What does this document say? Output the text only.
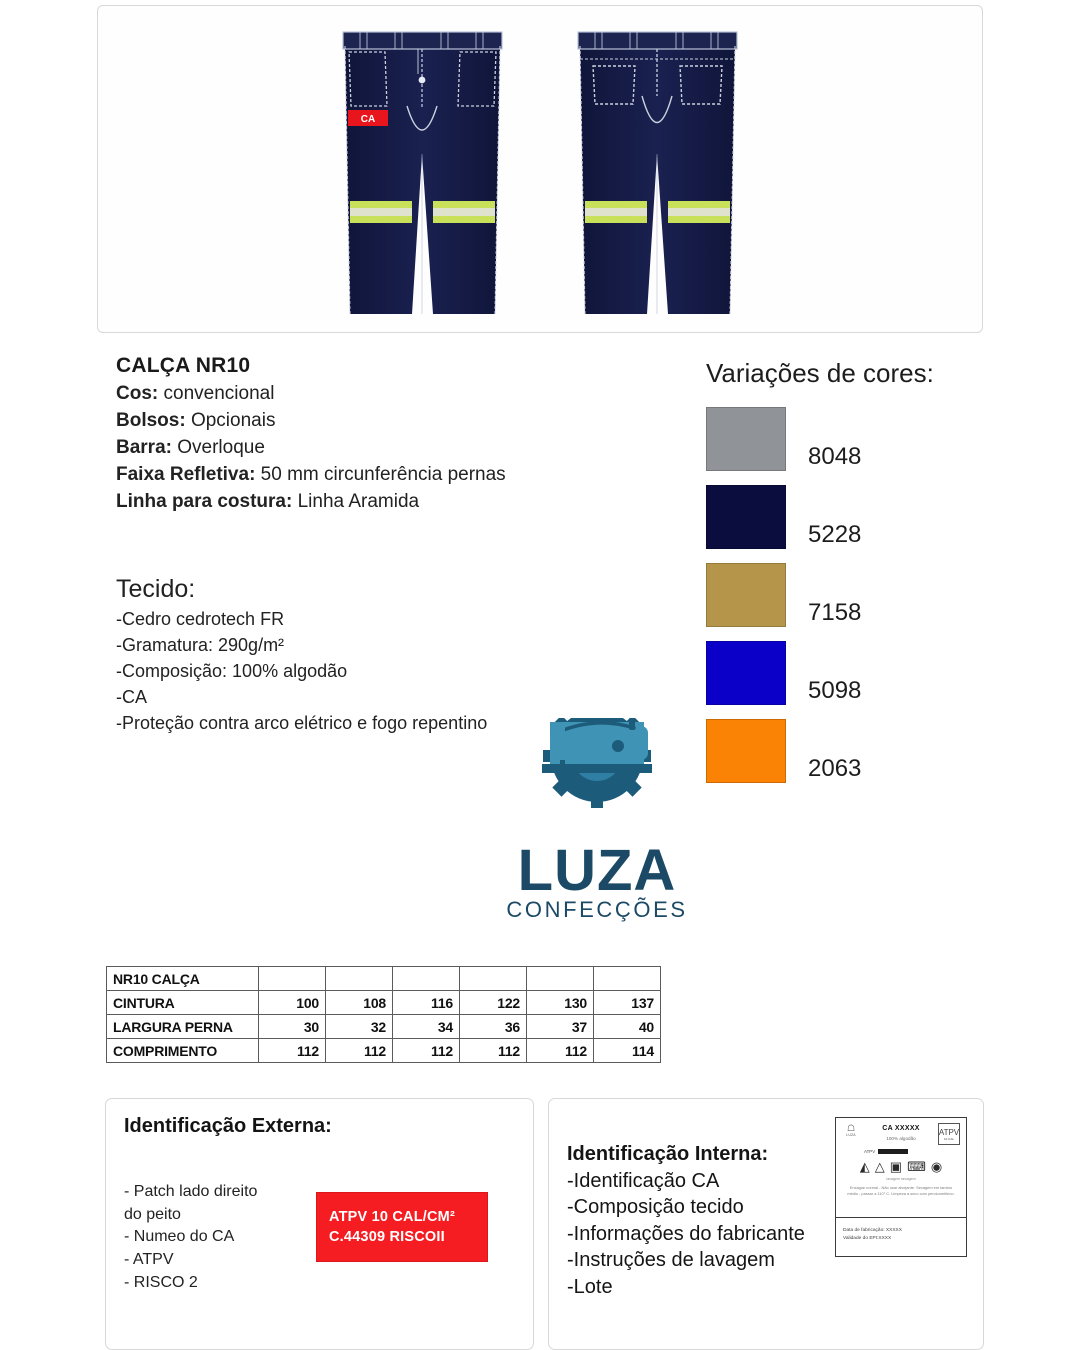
CA
CALÇA NR10
Cos: convencional
Bolsos: Opcionais
Barra: Overloque
Faixa Refletiva: 50 mm circunferência pernas
Linha para costura: Linha Aramida
Tecido:
-Cedro cedrotech FR
-Gramatura: 290g/m²
-Composição: 100% algodão
-CA
-Proteção contra arco elétrico e fogo repentino
Variações de cores:
8048
5228
7158
5098
2063
LUZA
CONFECÇÕES
NR10 CALÇA						
CINTURA	100	108	116	122	130	137
LARGURA PERNA	30	32	34	36	37	40
COMPRIMENTO	112	112	112	112	112	114
Identificação Externa:
- Patch lado direito
do peito
- Numeo do CA
- ATPV
- RISCO 2
ATPV 10 CAL/CM²
C.44309 RISCOII
Identificação Interna:
-Identificação CA
-Composição tecido
-Informações do fabricante
-Instruções de lavagem
-Lote
☖
LUZA
CA XXXXX
100% algodão
ATPV
10 CAL
ATPV
◭ △ ▣ ⌨ ◉
lavagem secagem
Enxágue normal - Não usar alvejante. Secagem em tambor médio - passar a 110° C. Limpeza a seco com percloroetileno.
Data de fabricação: XXXXX
Validade do EPI:XXXX
